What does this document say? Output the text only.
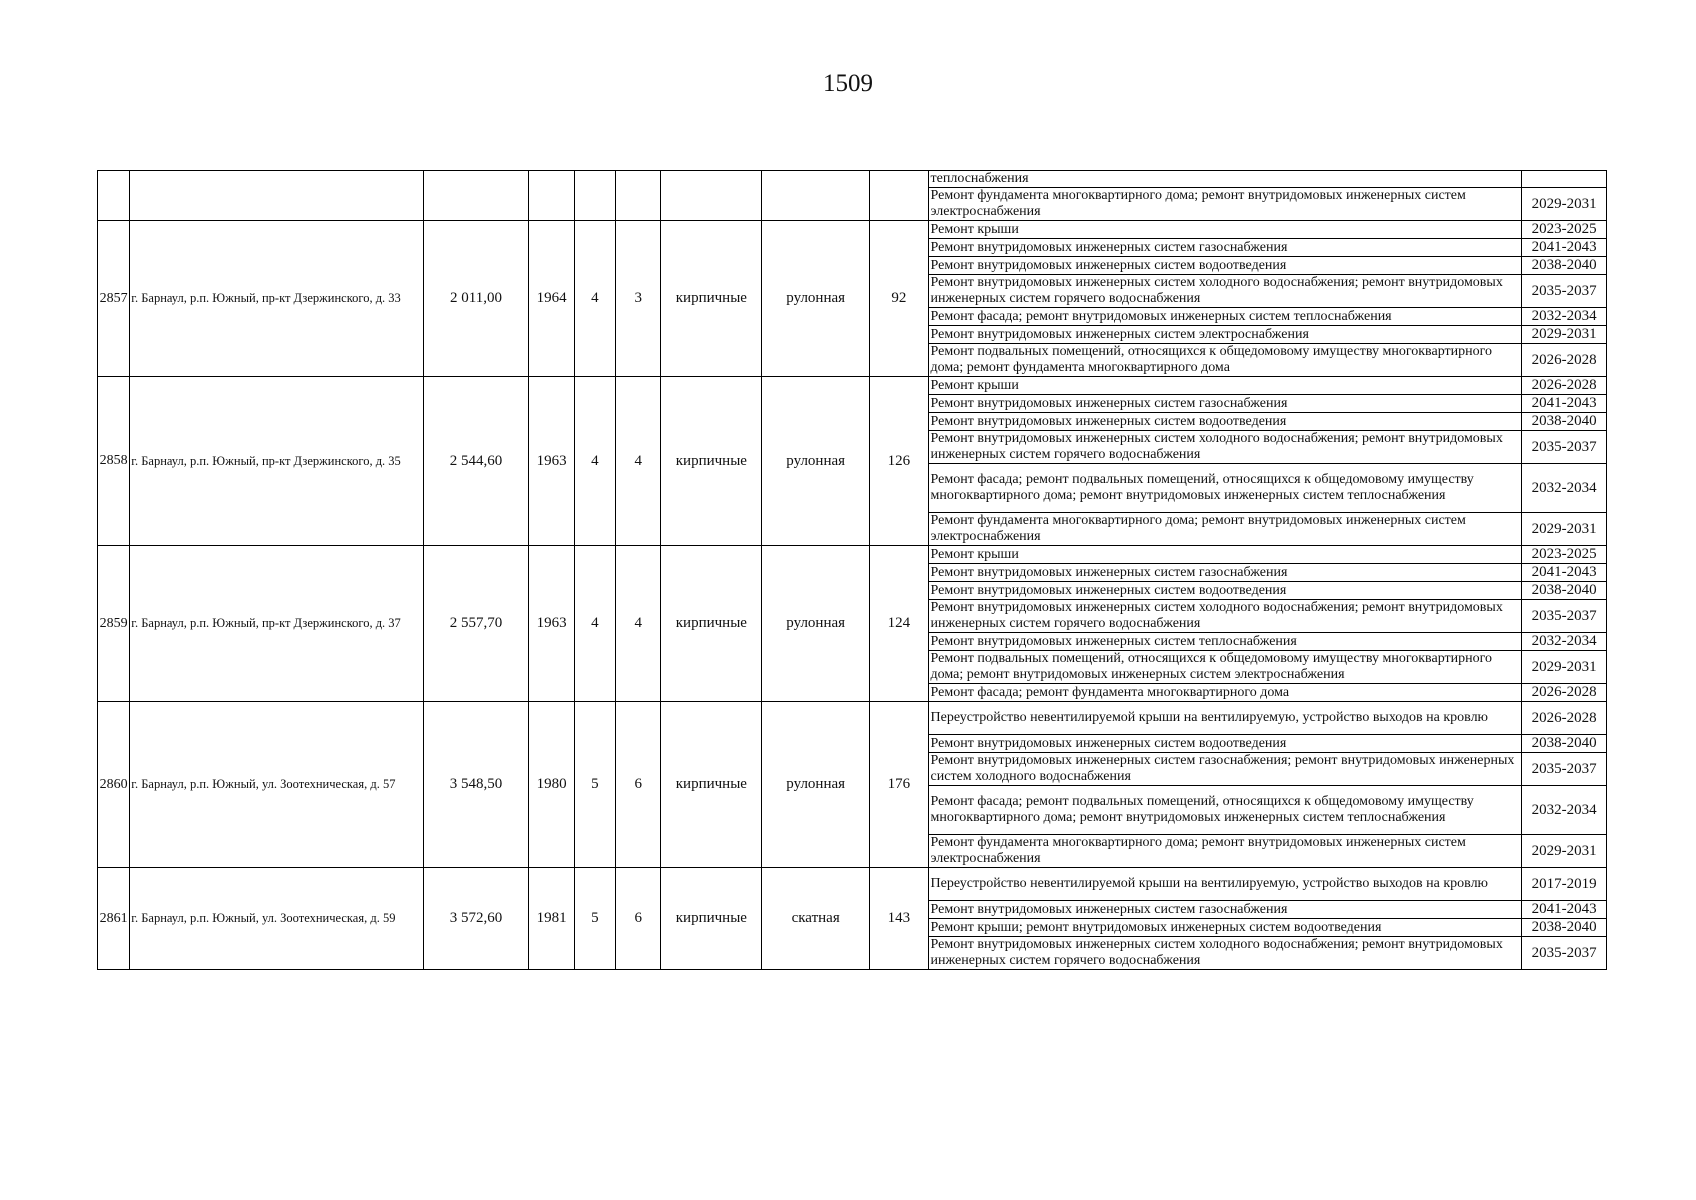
1509
									теплоснабжения	
									Ремонт фундамента многоквартирного дома; ремонт внутридомовых инженерных систем электроснабжения	2029-2031
2857	г. Барнаул, р.п. Южный, пр-кт Дзержинского, д. 33	2 011,00	1964	4	3	кирпичные	рулонная	92	Ремонт крыши	2023-2025
									Ремонт внутридомовых инженерных систем газоснабжения	2041-2043
									Ремонт внутридомовых инженерных систем водоотведения	2038-2040
									Ремонт внутридомовых инженерных систем холодного водоснабжения; ремонт внутридомовых инженерных систем горячего водоснабжения	2035-2037
									Ремонт фасада; ремонт внутридомовых инженерных систем теплоснабжения	2032-2034
									Ремонт внутридомовых инженерных систем электроснабжения	2029-2031
									Ремонт подвальных помещений, относящихся к общедомовому имуществу многоквартирного дома; ремонт фундамента многоквартирного дома	2026-2028
2858	г. Барнаул, р.п. Южный, пр-кт Дзержинского, д. 35	2 544,60	1963	4	4	кирпичные	рулонная	126	Ремонт крыши	2026-2028
									Ремонт внутридомовых инженерных систем газоснабжения	2041-2043
									Ремонт внутридомовых инженерных систем водоотведения	2038-2040
									Ремонт внутридомовых инженерных систем холодного водоснабжения; ремонт внутридомовых инженерных систем горячего водоснабжения	2035-2037
									Ремонт фасада; ремонт подвальных помещений, относящихся к общедомовому имуществу многоквартирного дома; ремонт внутридомовых инженерных систем теплоснабжения	2032-2034
									Ремонт фундамента многоквартирного дома; ремонт внутридомовых инженерных систем электроснабжения	2029-2031
2859	г. Барнаул, р.п. Южный, пр-кт Дзержинского, д. 37	2 557,70	1963	4	4	кирпичные	рулонная	124	Ремонт крыши	2023-2025
									Ремонт внутридомовых инженерных систем газоснабжения	2041-2043
									Ремонт внутридомовых инженерных систем водоотведения	2038-2040
									Ремонт внутридомовых инженерных систем холодного водоснабжения; ремонт внутридомовых инженерных систем горячего водоснабжения	2035-2037
									Ремонт внутридомовых инженерных систем теплоснабжения	2032-2034
									Ремонт подвальных помещений, относящихся к общедомовому имуществу многоквартирного дома; ремонт внутридомовых инженерных систем электроснабжения	2029-2031
									Ремонт фасада; ремонт фундамента многоквартирного дома	2026-2028
2860	г. Барнаул, р.п. Южный, ул. Зоотехническая, д. 57	3 548,50	1980	5	6	кирпичные	рулонная	176	Переустройство невентилируемой крыши на вентилируемую, устройство выходов на кровлю	2026-2028
									Ремонт внутридомовых инженерных систем водоотведения	2038-2040
									Ремонт внутридомовых инженерных систем газоснабжения; ремонт внутридомовых инженерных систем холодного водоснабжения	2035-2037
									Ремонт фасада; ремонт подвальных помещений, относящихся к общедомовому имуществу многоквартирного дома; ремонт внутридомовых инженерных систем теплоснабжения	2032-2034
									Ремонт фундамента многоквартирного дома; ремонт внутридомовых инженерных систем электроснабжения	2029-2031
2861	г. Барнаул, р.п. Южный, ул. Зоотехническая, д. 59	3 572,60	1981	5	6	кирпичные	скатная	143	Переустройство невентилируемой крыши на вентилируемую, устройство выходов на кровлю	2017-2019
									Ремонт внутридомовых инженерных систем газоснабжения	2041-2043
									Ремонт крыши; ремонт внутридомовых инженерных систем водоотведения	2038-2040
									Ремонт внутридомовых инженерных систем холодного водоснабжения; ремонт внутридомовых инженерных систем горячего водоснабжения	2035-2037
